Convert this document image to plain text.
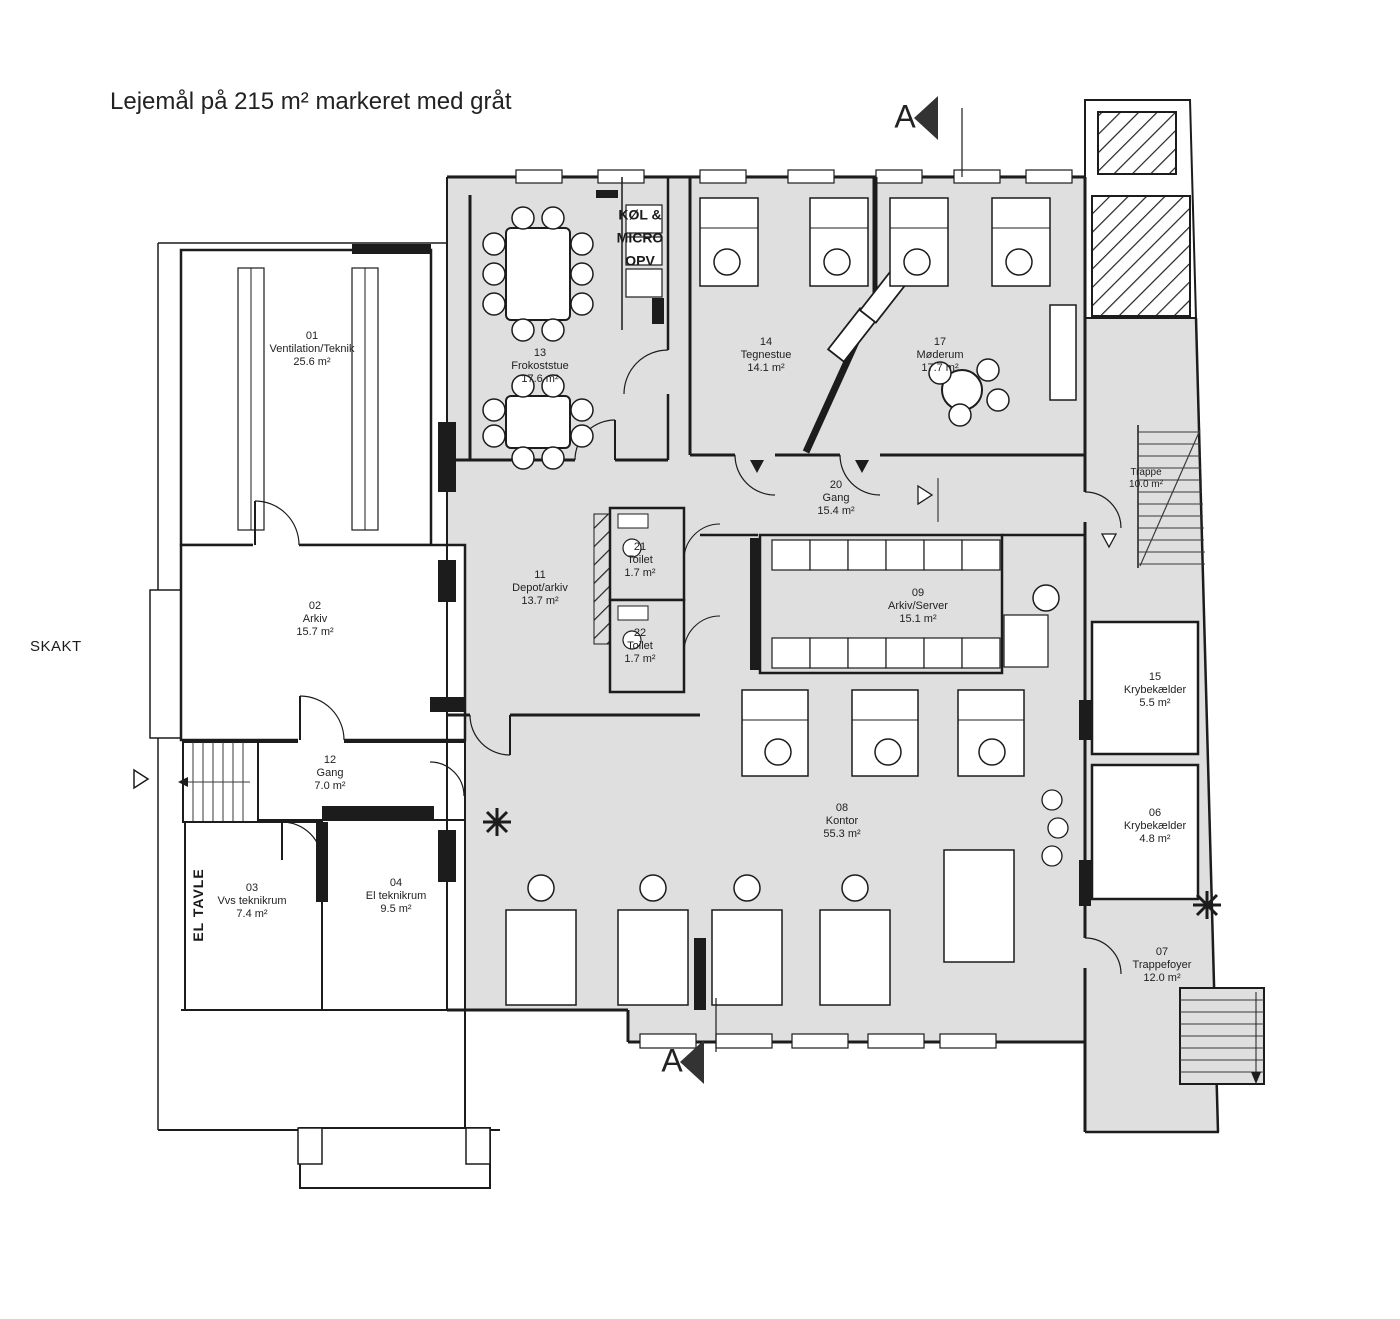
Lejemål på 215 m² markeret med gråt
SKAKT
EL TAVLE
KØL &
MICRO
OPV
A
A
01
Ventilation/Teknik
25.6 m²
02
Arkiv
15.7 m²
03
Vvs teknikrum
7.4 m²
04
El teknikrum
9.5 m²
12
Gang
7.0 m²
13
Frokoststue
17.6 m²
14
Tegnestue
14.1 m²
17
Møderum
17.7 m²
20
Gang
15.4 m²
21
Toilet
1.7 m²
22
Toilet
1.7 m²
11
Depot/arkiv
13.7 m²
09
Arkiv/Server
15.1 m²
15
Krybekælder
5.5 m²
06
Krybekælder
4.8 m²
08
Kontor
55.3 m²
07
Trappefoyer
12.0 m²
Trappe
10.0 m²
